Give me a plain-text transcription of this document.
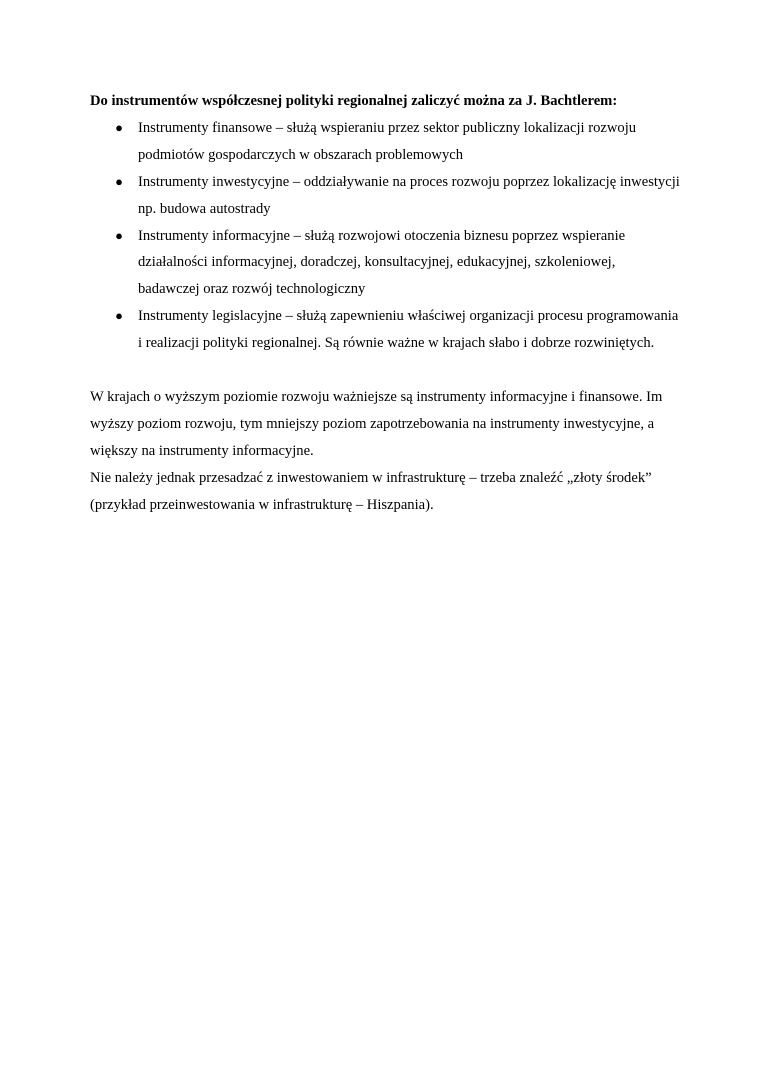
Do instrumentów współczesnej polityki regionalnej zaliczyć można za J. Bachtlerem:

● Instrumenty finansowe – służą wspieraniu przez sektor publiczny lokalizacji rozwoju podmiotów gospodarczych w obszarach problemowych
● Instrumenty inwestycyjne – oddziaływanie na proces rozwoju poprzez lokalizację inwestycji np. budowa autostrady
● Instrumenty informacyjne – służą rozwojowi otoczenia biznesu poprzez wspieranie działalności informacyjnej, doradczej, konsultacyjnej, edukacyjnej, szkoleniowej, badawczej oraz rozwój technologiczny
● Instrumenty legislacyjne – służą zapewnieniu właściwej organizacji procesu programowania i realizacji polityki regionalnej. Są równie ważne w krajach słabo i dobrze rozwiniętych.

W krajach o wyższym poziomie rozwoju ważniejsze są instrumenty informacyjne i finansowe. Im wyższy poziom rozwoju, tym mniejszy poziom zapotrzebowania na instrumenty inwestycyjne, a większy na instrumenty informacyjne.

Nie należy jednak przesadzać z inwestowaniem w infrastrukturę – trzeba znaleźć „złoty środek” (przykład przeinwestowania w infrastrukturę – Hiszpania).
